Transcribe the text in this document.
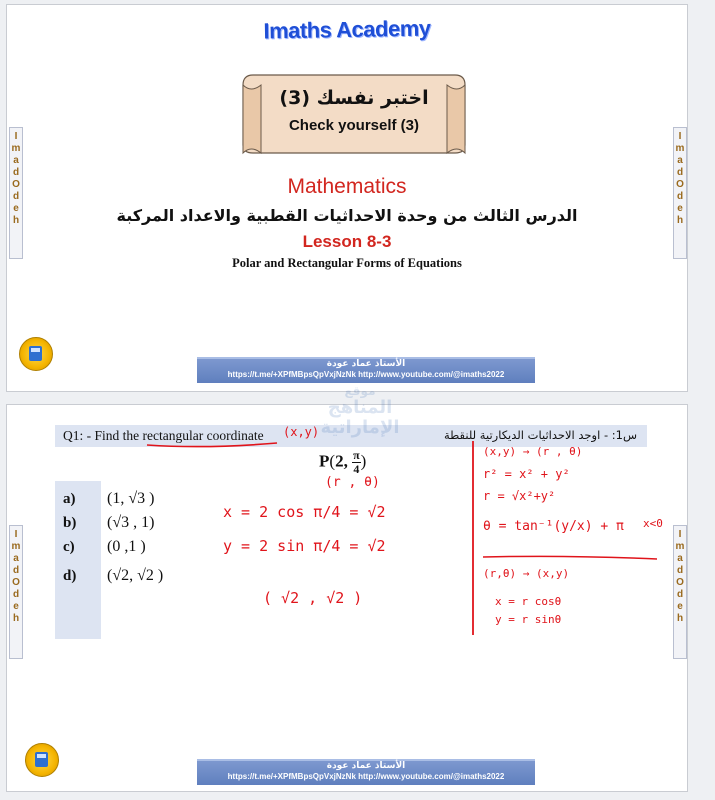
Imaths Academy
اختبر نفسك (3)
Check yourself (3)
Mathematics
الدرس الثالث من وحدة الاحداثيات القطبية والاعداد المركبة
Lesson 8-3
Polar and Rectangular Forms of Equations
I
m
a
d
O
d
e
h
I
m
a
d
O
d
e
h
الأستاذ عماد عودة
https://t.me/+XPfMBpsQpVxjNzNk http://www.youtube.com/@imaths2022
Q1: - Find the rectangular coordinate	س1: - اوجد الاحداثيات الديكارتية للنقطة
(x,y)
P(2, $\frac{\pi}{4}$ )
(r , θ)
a) (1, √3 )
b) (√3 , 1)
c) (0 ,1 )
d) (√2, √2 )
x = 2 cos π/4 = √2
y = 2 sin π/4 = √2
( √2 , √2 )
(x,y) → (r , θ)
r² = x² + y²
r = √x²+y²
θ = tan⁻¹(y/x) + π x<0
(r,θ) → (x,y)
x = r cosθ
y = r sinθ
I
m
a
d
O
d
e
h
I
m
a
d
O
d
e
h
الأستاذ عماد عودة
https://t.me/+XPfMBpsQpVxjNzNk http://www.youtube.com/@imaths2022
موقع
المناهج الإماراتية
